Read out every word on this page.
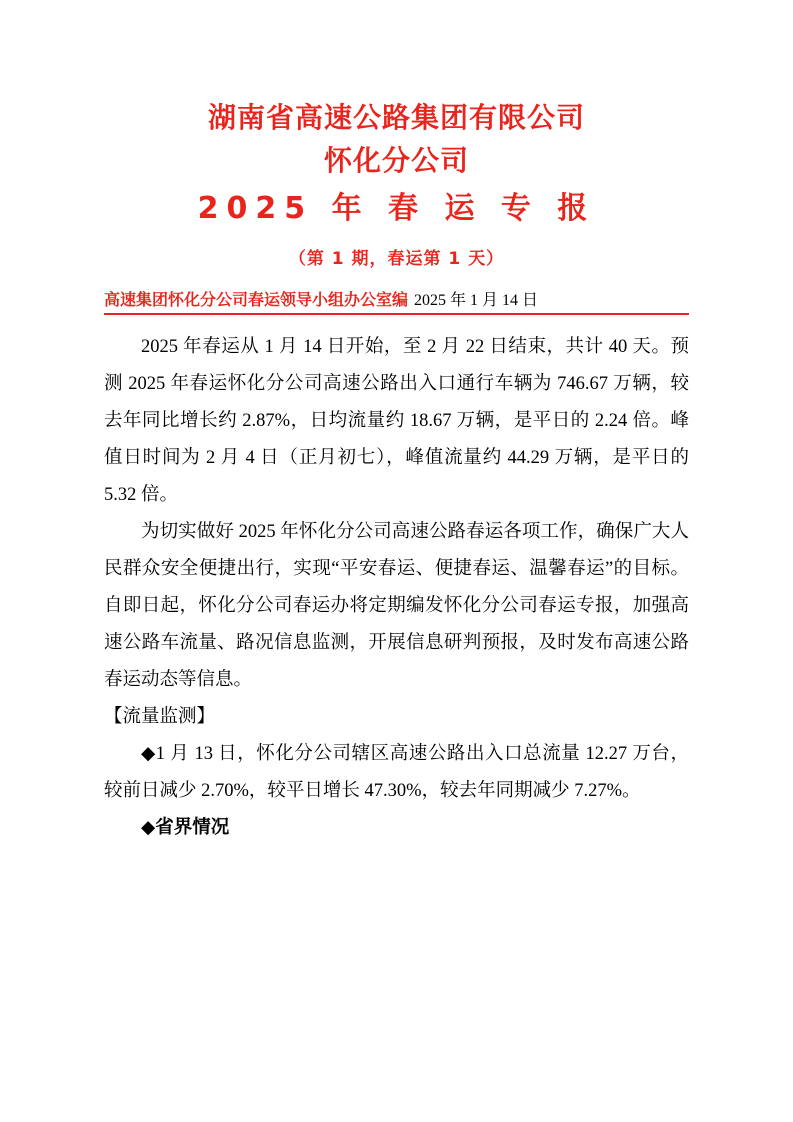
湖南省高速公路集团有限公司
怀化分公司
2025 年 春 运 专 报
（第 1 期，春运第 1 天）
高速集团怀化分公司春运领导小组办公室编 2025 年 1 月 14 日

2025 年春运从 1 月 14 日开始，至 2 月 22 日结束，共计 40 天。预测 2025 年春运怀化分公司高速公路出入口通行车辆为 746.67 万辆，较去年同比增长约 2.87%，日均流量约 18.67 万辆，是平日的 2.24 倍。峰值日时间为 2 月 4 日（正月初七），峰值流量约 44.29 万辆，是平日的 5.32 倍。

为切实做好 2025 年怀化分公司高速公路春运各项工作，确保广大人民群众安全便捷出行，实现“平安春运、便捷春运、温馨春运”的目标。自即日起，怀化分公司春运办将定期编发怀化分公司春运专报，加强高速公路车流量、路况信息监测，开展信息研判预报，及时发布高速公路春运动态等信息。

【流量监测】

◆1 月 13 日，怀化分公司辖区高速公路出入口总流量 12.27 万台，较前日减少 2.70%，较平日增长 47.30%，较去年同期减少 7.27%。

◆省界情况
